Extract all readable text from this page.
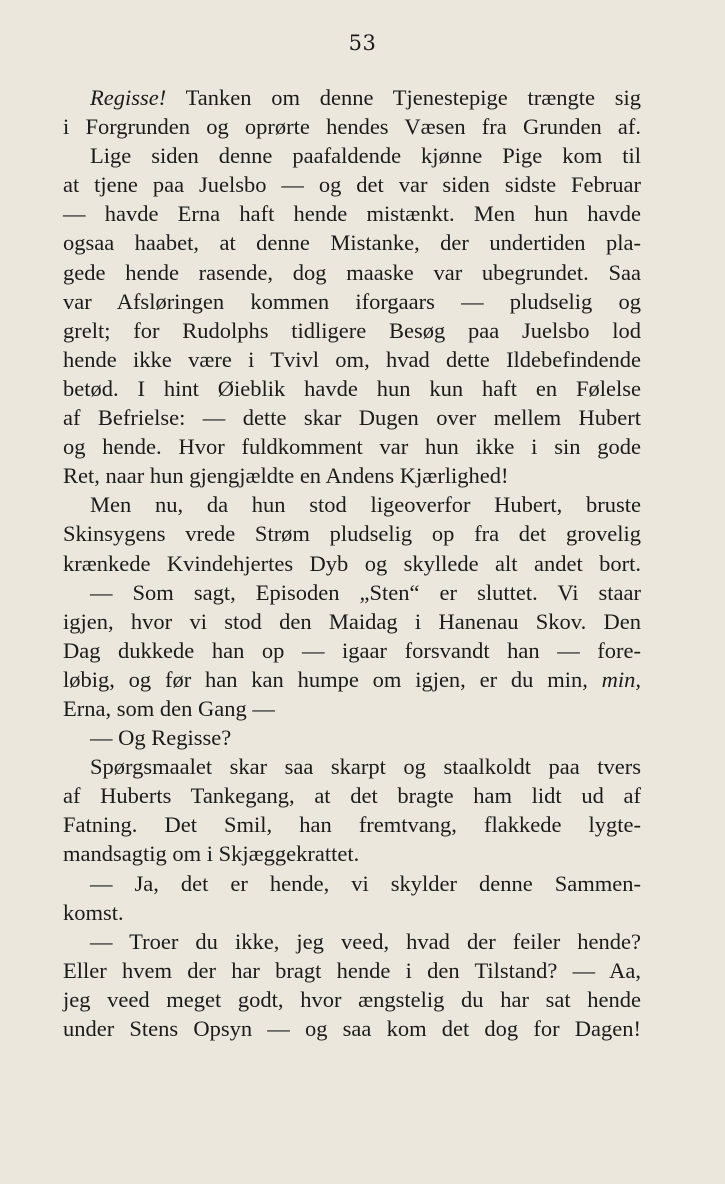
53
Regisse! Tanken om denne Tjenestepige trængte sig
i Forgrunden og oprørte hendes Væsen fra Grunden af.
Lige siden denne paafaldende kjønne Pige kom til
at tjene paa Juelsbo — og det var siden sidste Februar
— havde Erna haft hende mistænkt. Men hun havde
ogsaa haabet, at denne Mistanke, der undertiden pla-
gede hende rasende, dog maaske var ubegrundet. Saa
var Afsløringen kommen iforgaars — pludselig og
grelt; for Rudolphs tidligere Besøg paa Juelsbo lod
hende ikke være i Tvivl om, hvad dette Ildebefindende
betød. I hint Øieblik havde hun kun haft en Følelse
af Befrielse: — dette skar Dugen over mellem Hubert
og hende. Hvor fuldkomment var hun ikke i sin gode
Ret, naar hun gjengjældte en Andens Kjærlighed!
Men nu, da hun stod ligeoverfor Hubert, bruste
Skinsygens vrede Strøm pludselig op fra det grovelig
krænkede Kvindehjertes Dyb og skyllede alt andet bort.
— Som sagt, Episoden „Sten“ er sluttet. Vi staar
igjen, hvor vi stod den Maidag i Hanenau Skov. Den
Dag dukkede han op — igaar forsvandt han — fore-
løbig, og før han kan humpe om igjen, er du min, min,
Erna, som den Gang —
— Og Regisse?
Spørgsmaalet skar saa skarpt og staalkoldt paa tvers
af Huberts Tankegang, at det bragte ham lidt ud af
Fatning. Det Smil, han fremtvang, flakkede lygte-
mandsagtig om i Skjæggekrattet.
— Ja, det er hende, vi skylder denne Sammen-
komst.
— Troer du ikke, jeg veed, hvad der feiler hende?
Eller hvem der har bragt hende i den Tilstand? — Aa,
jeg veed meget godt, hvor ængstelig du har sat hende
under Stens Opsyn — og saa kom det dog for Dagen!
